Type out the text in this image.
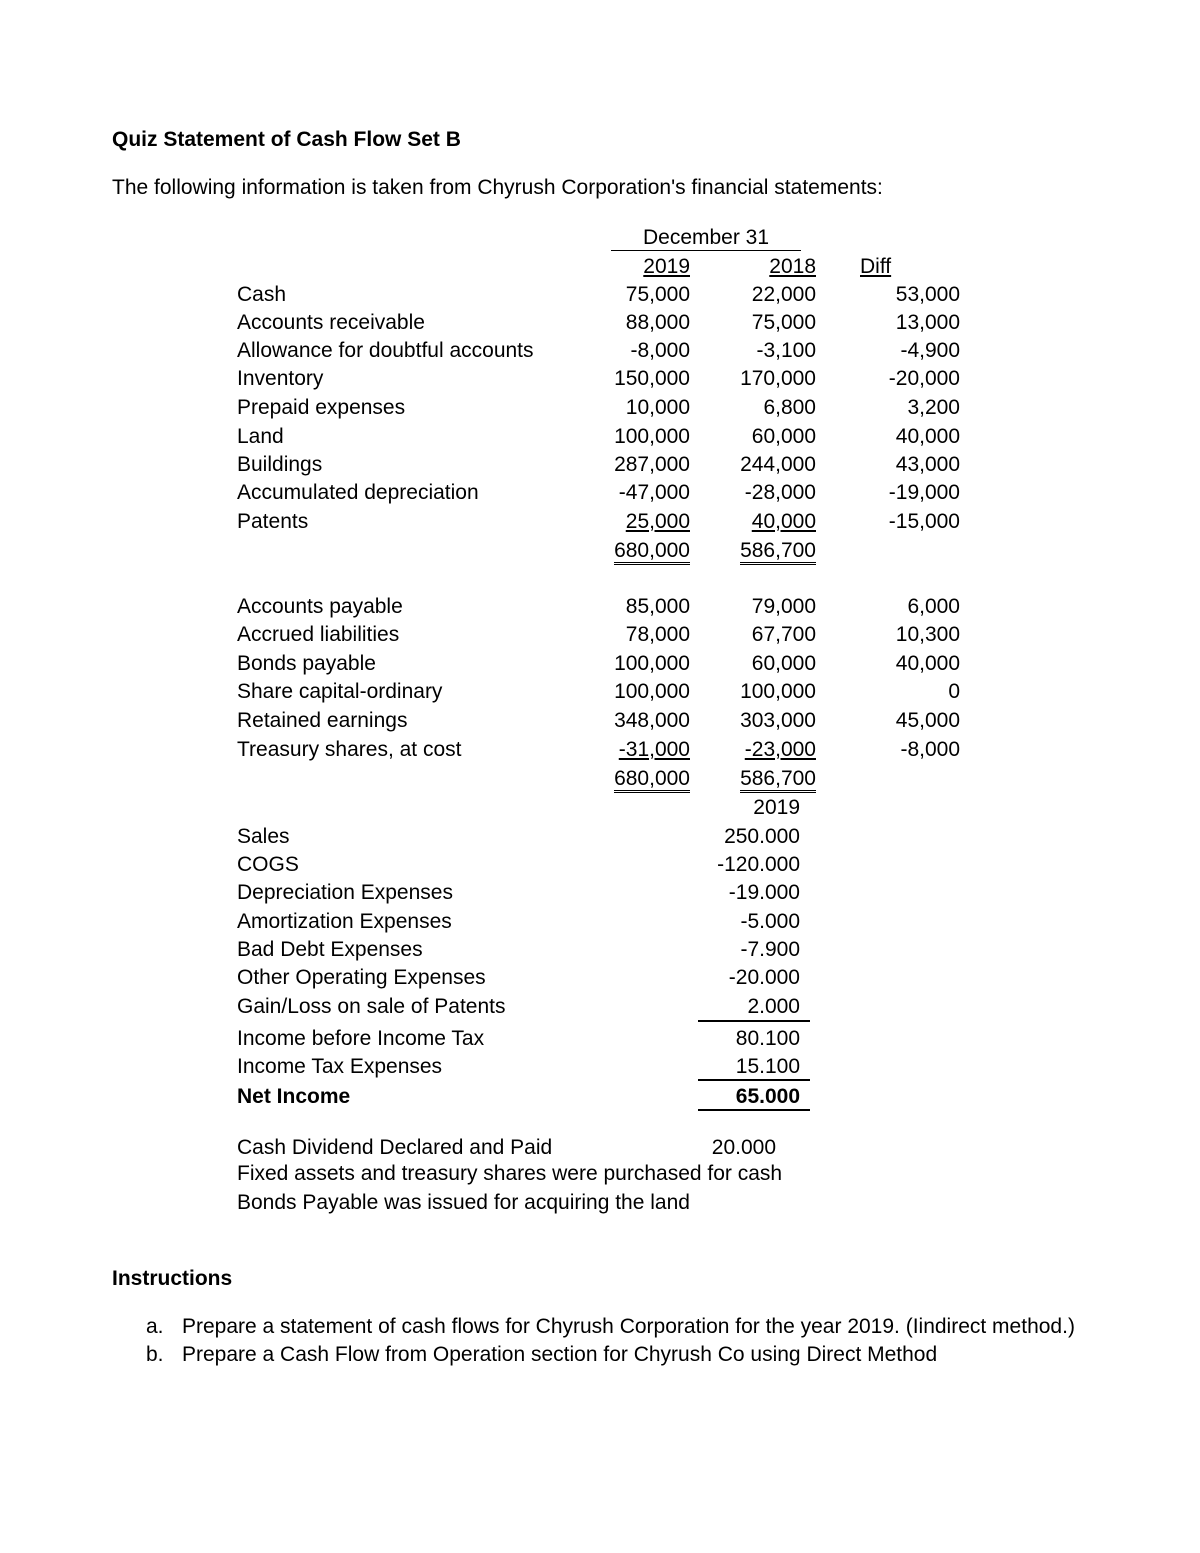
Quiz Statement of Cash Flow Set B
The following information is taken from Chyrush Corporation's financial statements:
December 31
2019	2018 Diff
Cash	75,000	22,000	53,000
Accounts receivable	88,000	75,000	13,000
Allowance for doubtful accounts	-8,000	-3,100	-4,900
Inventory	150,000	170,000	-20,000
Prepaid expenses	10,000	6,800	3,200
Land	100,000	60,000	40,000
Buildings	287,000	244,000	43,000
Accumulated depreciation	-47,000	-28,000	-19,000
Patents	25,000	40,000	-15,000
680,000	586,700
Accounts payable	85,000	79,000	6,000
Accrued liabilities	78,000	67,700	10,300
Bonds payable	100,000	60,000	40,000
Share capital-ordinary	100,000	100,000	0
Retained earnings	348,000	303,000	45,000
Treasury shares, at cost	-31,000	-23,000	-8,000
680,000	586,700
2019
Sales	250.000
COGS	-120.000
Depreciation Expenses	-19.000
Amortization Expenses	-5.000
Bad Debt Expenses	-7.900
Other Operating Expenses	-20.000
Gain/Loss on sale of Patents	2.000
Income before Income Tax	80.100
Income Tax Expenses	15.100
Net Income	65.000
Cash Dividend Declared and Paid	20.000
Fixed assets and treasury shares were purchased for cash
Bonds Payable was issued for acquiring the land
Instructions
a. Prepare a statement of cash flows for Chyrush Corporation for the year 2019. (Iindirect method.)
b. Prepare a Cash Flow from Operation section for Chyrush Co using Direct Method
